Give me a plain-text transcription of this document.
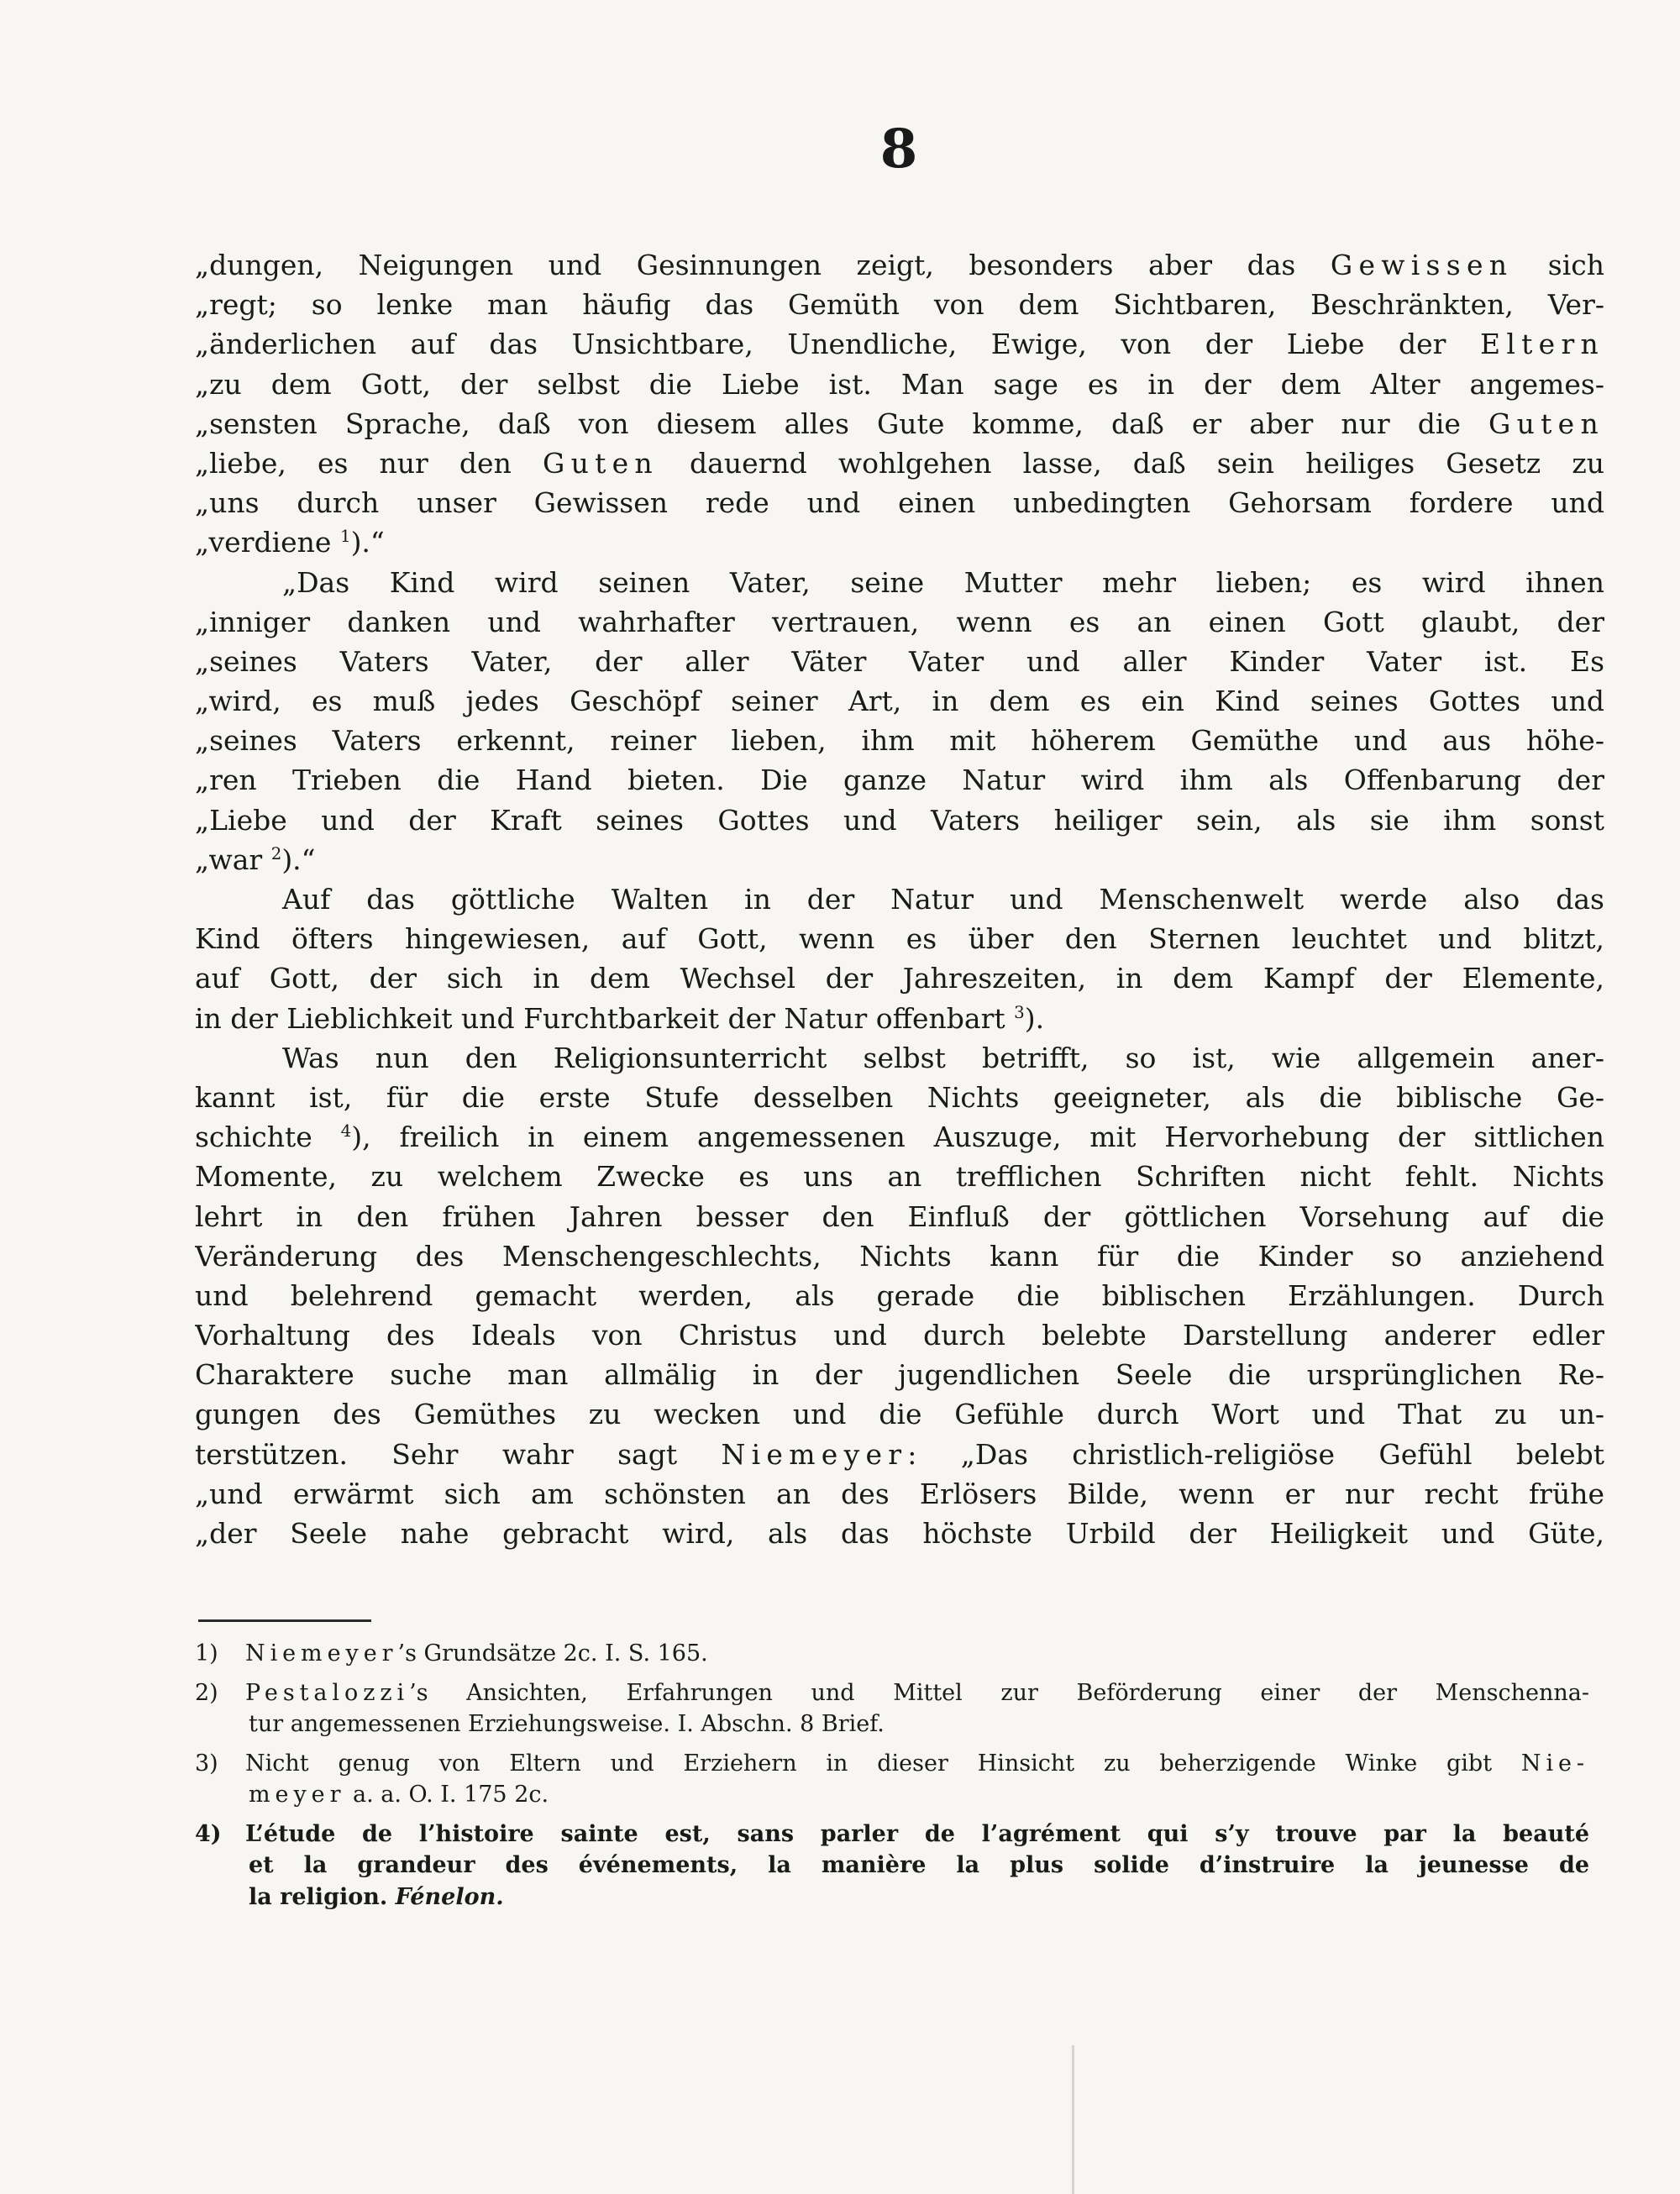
8
„dungen, Neigungen und Gesinnungen zeigt, besonders aber das Gewissen sich
„regt; so lenke man häufig das Gemüth von dem Sichtbaren, Beschränkten, Ver-
„änderlichen auf das Unsichtbare, Unendliche, Ewige, von der Liebe der Eltern
„zu dem Gott, der selbst die Liebe ist. Man sage es in der dem Alter angemes-
„sensten Sprache, daß von diesem alles Gute komme, daß er aber nur die Guten
„liebe, es nur den Guten dauernd wohlgehen lasse, daß sein heiliges Gesetz zu
„uns durch unser Gewissen rede und einen unbedingten Gehorsam fordere und
„verdiene $^1$).“
„Das Kind wird seinen Vater, seine Mutter mehr lieben; es wird ihnen
„inniger danken und wahrhafter vertrauen, wenn es an einen Gott glaubt, der
„seines Vaters Vater, der aller Väter Vater und aller Kinder Vater ist. Es
„wird, es muß jedes Geschöpf seiner Art, in dem es ein Kind seines Gottes und
„seines Vaters erkennt, reiner lieben, ihm mit höherem Gemüthe und aus höhe-
„ren Trieben die Hand bieten. Die ganze Natur wird ihm als Offenbarung der
„Liebe und der Kraft seines Gottes und Vaters heiliger sein, als sie ihm sonst
„war $^2$).“
Auf das göttliche Walten in der Natur und Menschenwelt werde also das
Kind öfters hingewiesen, auf Gott, wenn es über den Sternen leuchtet und blitzt,
auf Gott, der sich in dem Wechsel der Jahreszeiten, in dem Kampf der Elemente,
in der Lieblichkeit und Furchtbarkeit der Natur offenbart $^3$).
Was nun den Religionsunterricht selbst betrifft, so ist, wie allgemein aner-
kannt ist, für die erste Stufe desselben Nichts geeigneter, als die biblische Ge-
schichte $^4$), freilich in einem angemessenen Auszuge, mit Hervorhebung der sittlichen
Momente, zu welchem Zwecke es uns an trefflichen Schriften nicht fehlt. Nichts
lehrt in den frühen Jahren besser den Einfluß der göttlichen Vorsehung auf die
Veränderung des Menschengeschlechts, Nichts kann für die Kinder so anziehend
und belehrend gemacht werden, als gerade die biblischen Erzählungen. Durch
Vorhaltung des Ideals von Christus und durch belebte Darstellung anderer edler
Charaktere suche man allmälig in der jugendlichen Seele die ursprünglichen Re-
gungen des Gemüthes zu wecken und die Gefühle durch Wort und That zu un-
terstützen. Sehr wahr sagt Niemeyer: „Das christlich-religiöse Gefühl belebt
„und erwärmt sich am schönsten an des Erlösers Bilde, wenn er nur recht frühe
„der Seele nahe gebracht wird, als das höchste Urbild der Heiligkeit und Güte,
1) Niemeyer’s Grundsätze 2c. I. S. 165.
2) Pestalozzi’s Ansichten, Erfahrungen und Mittel zur Beförderung einer der Menschenna-
tur angemessenen Erziehungsweise. I. Abschn. 8 Brief.
3) Nicht genug von Eltern und Erziehern in dieser Hinsicht zu beherzigende Winke gibt Nie-
meyer a. a. O. I. 175 2c.
4) L’étude de l’histoire sainte est, sans parler de l’agrément qui s’y trouve par la beauté
et la grandeur des événements, la manière la plus solide d’instruire la jeunesse de
la religion. Fénelon.
